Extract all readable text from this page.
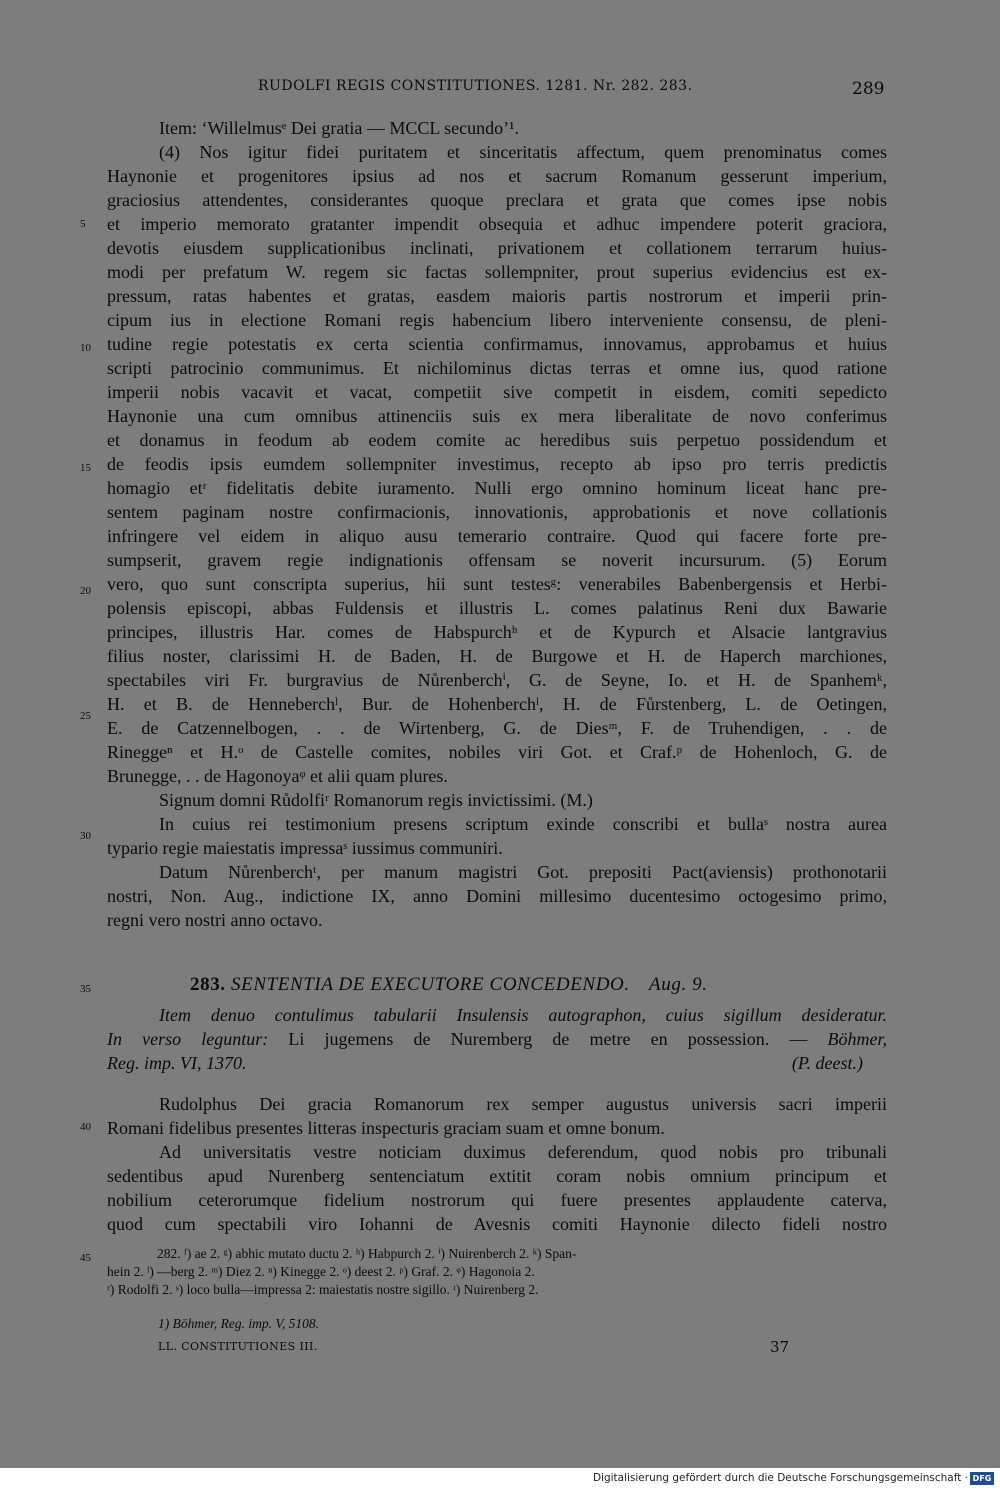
RUDOLFI REGIS CONSTITUTIONES. 1281. Nr. 282. 283.	289
5
10
15
20
25
30
35
40
45
Item: ‘Willelmusᵉ Dei gratia — MCCL secundo’¹.
(4) Nos igitur fidei puritatem et sinceritatis affectum, quem prenominatus comes
Haynonie et progenitores ipsius ad nos et sacrum Romanum gesserunt imperium,
graciosius attendentes, considerantes quoque preclara et grata que comes ipse nobis
et imperio memorato gratanter impendit obsequia et adhuc impendere poterit graciora,
devotis eiusdem supplicationibus inclinati, privationem et collationem terrarum huius-
modi per prefatum W. regem sic factas sollempniter, prout superius evidencius est ex-
pressum, ratas habentes et gratas, easdem maioris partis nostrorum et imperii prin-
cipum ius in electione Romani regis habencium libero interveniente consensu, de pleni-
tudine regie potestatis ex certa scientia confirmamus, innovamus, approbamus et huius
scripti patrocinio communimus. Et nichilominus dictas terras et omne ius, quod ratione
imperii nobis vacavit et vacat, competiit sive competit in eisdem, comiti sepedicto
Haynonie una cum omnibus attinenciis suis ex mera liberalitate de novo conferimus
et donamus in feodum ab eodem comite ac heredibus suis perpetuo possidendum et
de feodis ipsis eumdem sollempniter investimus, recepto ab ipso pro terris predictis
homagio etʳ fidelitatis debite iuramento. Nulli ergo omnino hominum liceat hanc pre-
sentem paginam nostre confirmacionis, innovationis, approbationis et nove collationis
infringere vel eidem in aliquo ausu temerario contraire. Quod qui facere forte pre-
sumpserit, gravem regie indignationis offensam se noverit incursurum. (5) Eorum
vero, quo sunt conscripta superius, hii sunt testesᵍ: venerabiles Babenbergensis et Herbi-
polensis episcopi, abbas Fuldensis et illustris L. comes palatinus Reni dux Bawarie
principes, illustris Har. comes de Habspurchʰ et de Kypurch et Alsacie lantgravius
filius noster, clarissimi H. de Baden, H. de Burgowe et H. de Haperch marchiones,
spectabiles viri Fr. burgravius de Nůrenberchⁱ, G. de Seyne, Io. et H. de Spanhemᵏ,
H. et B. de Henneberchˡ, Bur. de Hohenberchˡ, H. de Fůrstenberg, L. de Oetingen,
E. de Catzennelbogen, . . de Wirtenberg, G. de Diesᵐ, F. de Truhendigen, . . de
Rineggeⁿ et H.ᵒ de Castelle comites, nobiles viri Got. et Craf.ᵖ de Hohenloch, G. de
Brunegge, . . de Hagonoyaᵠ et alii quam plures.
Signum domni Růdolfiʳ Romanorum regis invictissimi. (M.)
In cuius rei testimonium presens scriptum exinde conscribi et bullaˢ nostra aurea
typario regie maiestatis impressaˢ iussimus communiri.
Datum Nůrenberchᵗ, per manum magistri Got. prepositi Pact(aviensis) prothonotarii
nostri, Non. Aug., indictione IX, anno Domini millesimo ducentesimo octogesimo primo,
regni vero nostri anno octavo.
283. SENTENTIA DE EXECUTORE CONCEDENDO. Aug. 9.
Item denuo contulimus tabularii Insulensis autographon, cuius sigillum desideratur.
In verso leguntur: Li jugemens de Nuremberg de metre en possession. — Böhmer,
Reg. imp. VI, 1370.	(P. deest.)
Rudolphus Dei gracia Romanorum rex semper augustus universis sacri imperii
Romani fidelibus presentes litteras inspecturis graciam suam et omne bonum.
Ad universitatis vestre noticiam duximus deferendum, quod nobis pro tribunali
sedentibus apud Nurenberg sentenciatum extitit coram nobis omnium principum et
nobilium ceterorumque fidelium nostrorum qui fuere presentes applaudente caterva,
quod cum spectabili viro Iohanni de Avesnis comiti Haynonie dilecto fideli nostro
282. ᶠ) ae 2. ᵍ) abhic mutato ductu 2. ʰ) Habpurch 2. ⁱ) Nuirenberch 2. ᵏ) Span-
hein 2. ˡ) —berg 2. ᵐ) Diez 2. ⁿ) Kinegge 2. ᵒ) deest 2. ᵖ) Graf. 2. ᵠ) Hagonoia 2.
ʳ) Rodolfi 2. ˢ) loco bulla—impressa 2: maiestatis nostre sigillo. ᵗ) Nuirenberg 2.
1) Böhmer, Reg. imp. V, 5108.
LL. CONSTITUTIONES III.	37
Digitalisierung gefördert durch die Deutsche Forschungsgemeinschaft · DFG
